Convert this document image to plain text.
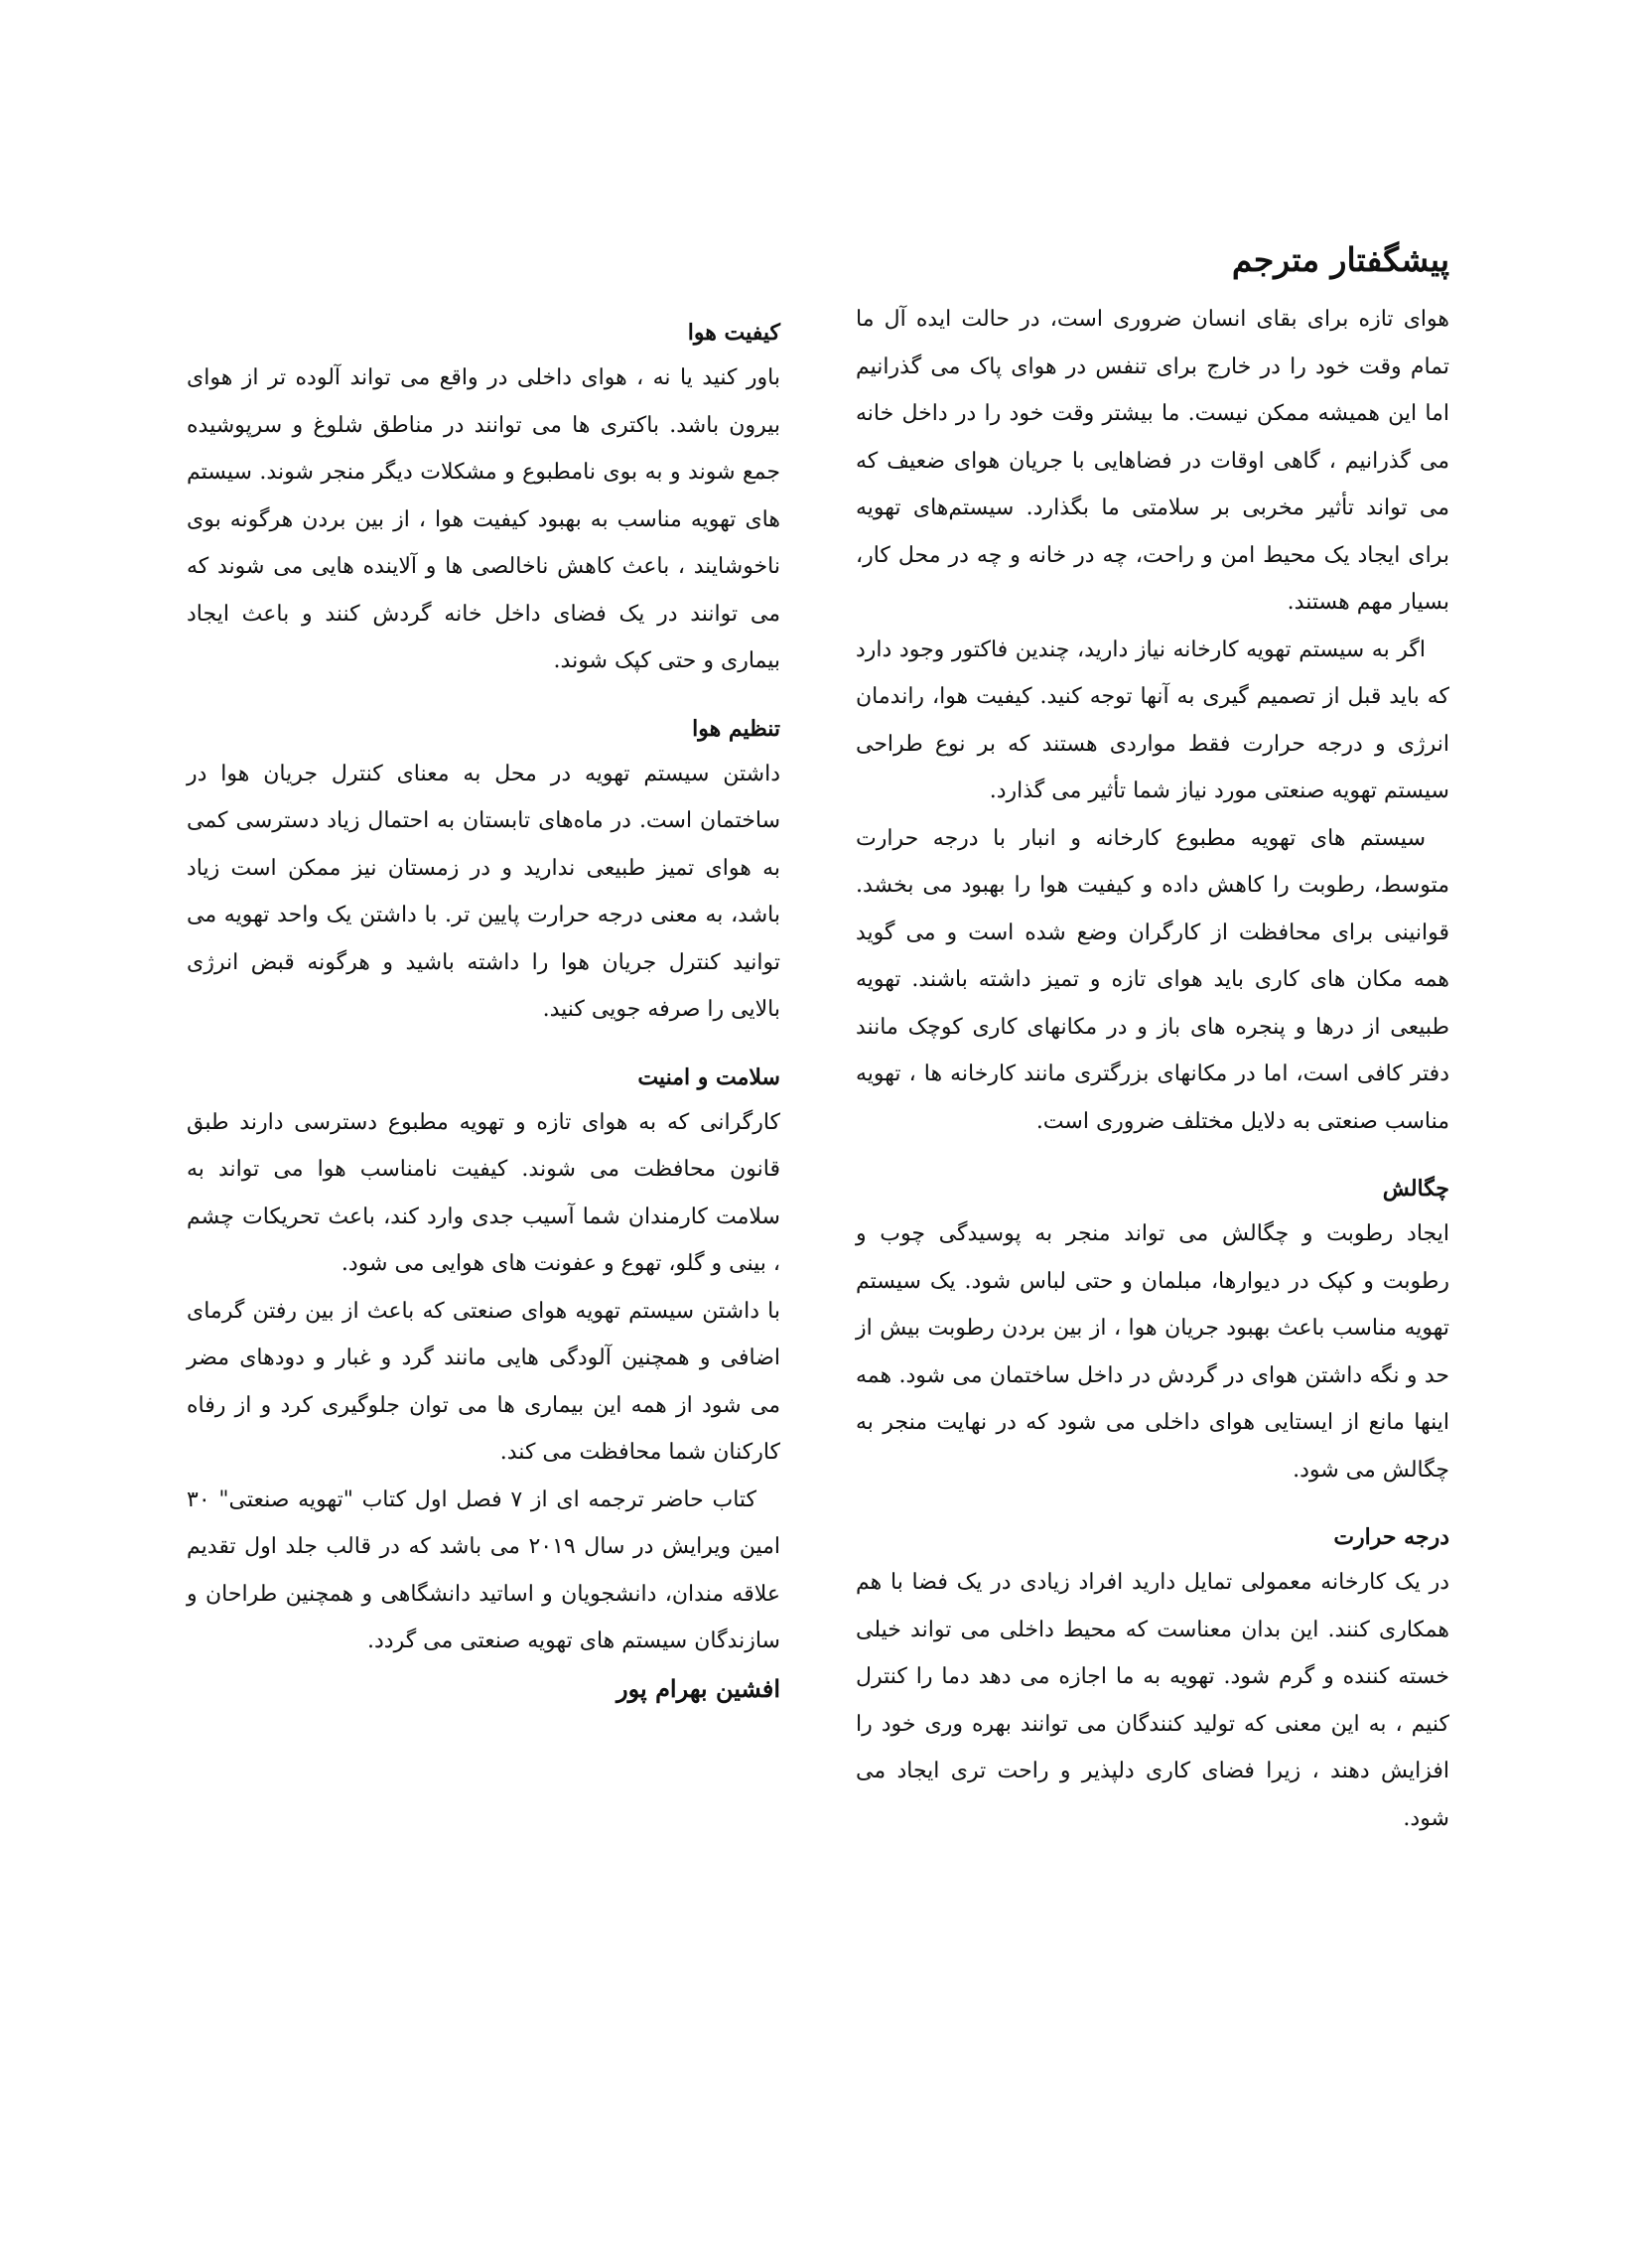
پیشگفتار مترجم

هوای تازه برای بقای انسان ضروری است، در حالت ایده آل ما تمام وقت خود را در خارج برای تنفس در هوای پاک می گذرانیم اما این همیشه ممکن نیست. ما بیشتر وقت خود را در داخل خانه می گذرانیم ، گاهی اوقات در فضاهایی با جریان هوای ضعیف که می تواند تأثیر مخربی بر سلامتی ما بگذارد. سیستم‌های تهویه برای ایجاد یک محیط امن و راحت، چه در خانه و چه در محل کار، بسیار مهم هستند.

اگر به سیستم تهویه کارخانه نیاز دارید، چندین فاکتور وجود دارد که باید قبل از تصمیم گیری به آنها توجه کنید. کیفیت هوا، راندمان انرژی و درجه حرارت فقط مواردی هستند که بر نوع طراحی سیستم تهویه صنعتی مورد نیاز شما تأثیر می گذارد.

سیستم های تهویه مطبوع کارخانه و انبار با درجه حرارت متوسط، رطوبت را کاهش داده و کیفیت هوا را بهبود می بخشد. قوانینی برای محافظت از کارگران وضع شده است و می گوید همه مکان های کاری باید هوای تازه و تمیز داشته باشند. تهویه طبیعی از درها و پنجره های باز و در مکانهای کاری کوچک مانند دفتر کافی است، اما در مکانهای بزرگتری مانند کارخانه ها ، تهویه مناسب صنعتی به دلایل مختلف ضروری است.

چگالش

ایجاد رطوبت و چگالش می تواند منجر به پوسیدگی چوب و رطوبت و کپک در دیوارها، مبلمان و حتی لباس شود. یک سیستم تهویه مناسب باعث بهبود جریان هوا ، از بین بردن رطوبت بیش از حد و نگه داشتن هوای در گردش در داخل ساختمان می شود. همه اینها مانع از ایستایی هوای داخلی می شود که در نهایت منجر به چگالش می شود.

درجه حرارت

در یک کارخانه معمولی تمایل دارید افراد زیادی در یک فضا با هم همکاری کنند. این بدان معناست که محیط داخلی می تواند خیلی خسته کننده و گرم شود. تهویه به ما اجازه می دهد دما را کنترل کنیم ، به این معنی که تولید کنندگان می توانند بهره وری خود را افزایش دهند ، زیرا فضای کاری دلپذیر و راحت تری ایجاد می شود.

کیفیت هوا

باور کنید یا نه ، هوای داخلی در واقع می تواند آلوده تر از هوای بیرون باشد. باکتری ها می توانند در مناطق شلوغ و سرپوشیده جمع شوند و به بوی نامطبوع و مشکلات دیگر منجر شوند. سیستم های تهویه مناسب به بهبود کیفیت هوا ، از بین بردن هرگونه بوی ناخوشایند ، باعث کاهش ناخالصی ها و آلاینده هایی می شوند که می توانند در یک فضای داخل خانه گردش کنند و باعث ایجاد بیماری و حتی کپک شوند.

تنظیم هوا

داشتن سیستم تهویه در محل به معنای کنترل جریان هوا در ساختمان است. در ماه‌های تابستان به احتمال زیاد دسترسی کمی به هوای تمیز طبیعی ندارید و در زمستان نیز ممکن است زیاد باشد، به معنی درجه حرارت پایین تر. با داشتن یک واحد تهویه می توانید کنترل جریان هوا را داشته باشید و هرگونه قبض انرژی بالایی را صرفه جویی کنید.

سلامت و امنیت

کارگرانی که به هوای تازه و تهویه مطبوع دسترسی دارند طبق قانون محافظت می شوند. کیفیت نامناسب هوا می تواند به سلامت کارمندان شما آسیب جدی وارد کند، باعث تحریکات چشم ، بینی و گلو، تهوع و عفونت های هوایی می شود.

با داشتن سیستم تهویه هوای صنعتی که باعث از بین رفتن گرمای اضافی و همچنین آلودگی هایی مانند گرد و غبار و دودهای مضر می شود از همه این بیماری ها می توان جلوگیری کرد و از رفاه کارکنان شما محافظت می کند.

کتاب حاضر ترجمه ای از ۷ فصل اول کتاب "تهویه صنعتی" ۳۰ امین ویرایش در سال ۲۰۱۹ می باشد که در قالب جلد اول تقدیم علاقه مندان، دانشجویان و اساتید دانشگاهی و همچنین طراحان و سازندگان سیستم های تهویه صنعتی می گردد.

افشین بهرام پور
